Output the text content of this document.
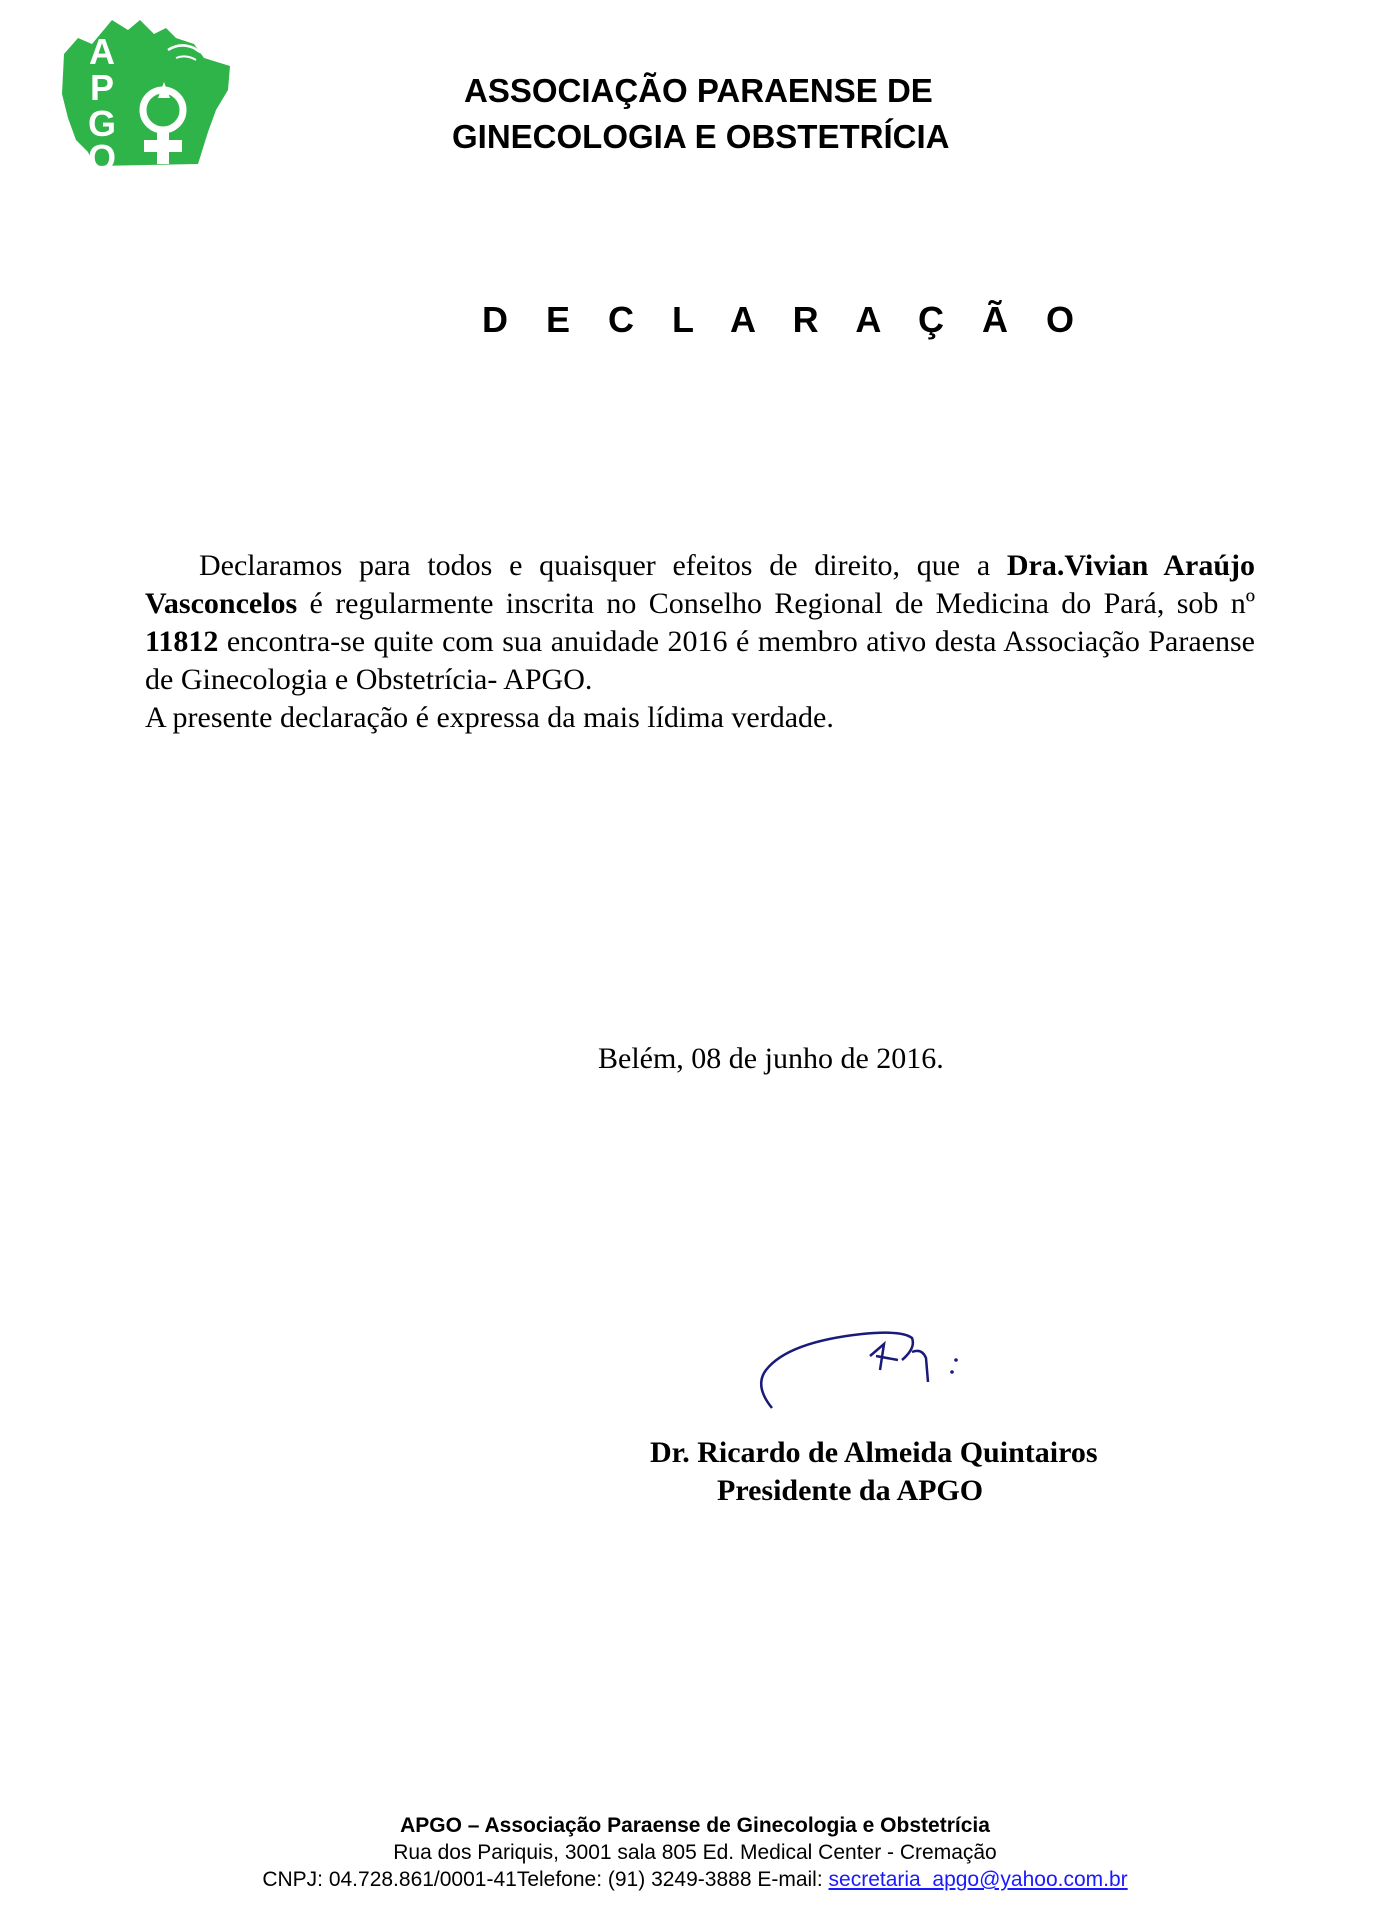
A
P
G
O
ASSOCIAÇÃO PARAENSE DE
GINECOLOGIA E OBSTETRÍCIA
D E C L A R A Ç Ã O

Declaramos para todos e quaisquer efeitos de direito, que a Dra.Vivian Araújo Vasconcelos é regularmente inscrita no Conselho Regional de Medicina do Pará, sob nº 11812 encontra-se quite com sua anuidade 2016 é membro ativo desta Associação Paraense de Ginecologia e Obstetrícia- APGO.

A presente declaração é expressa da mais lídima verdade.

Belém, 08 de junho de 2016.
Dr. Ricardo de Almeida Quintairos
Presidente da APGO
APGO – Associação Paraense de Ginecologia e Obstetrícia
Rua dos Pariquis, 3001 sala 805 Ed. Medical Center - Cremação
CNPJ: 04.728.861/0001-41Telefone: (91) 3249-3888 E-mail: secretaria_apgo@yahoo.com.br
